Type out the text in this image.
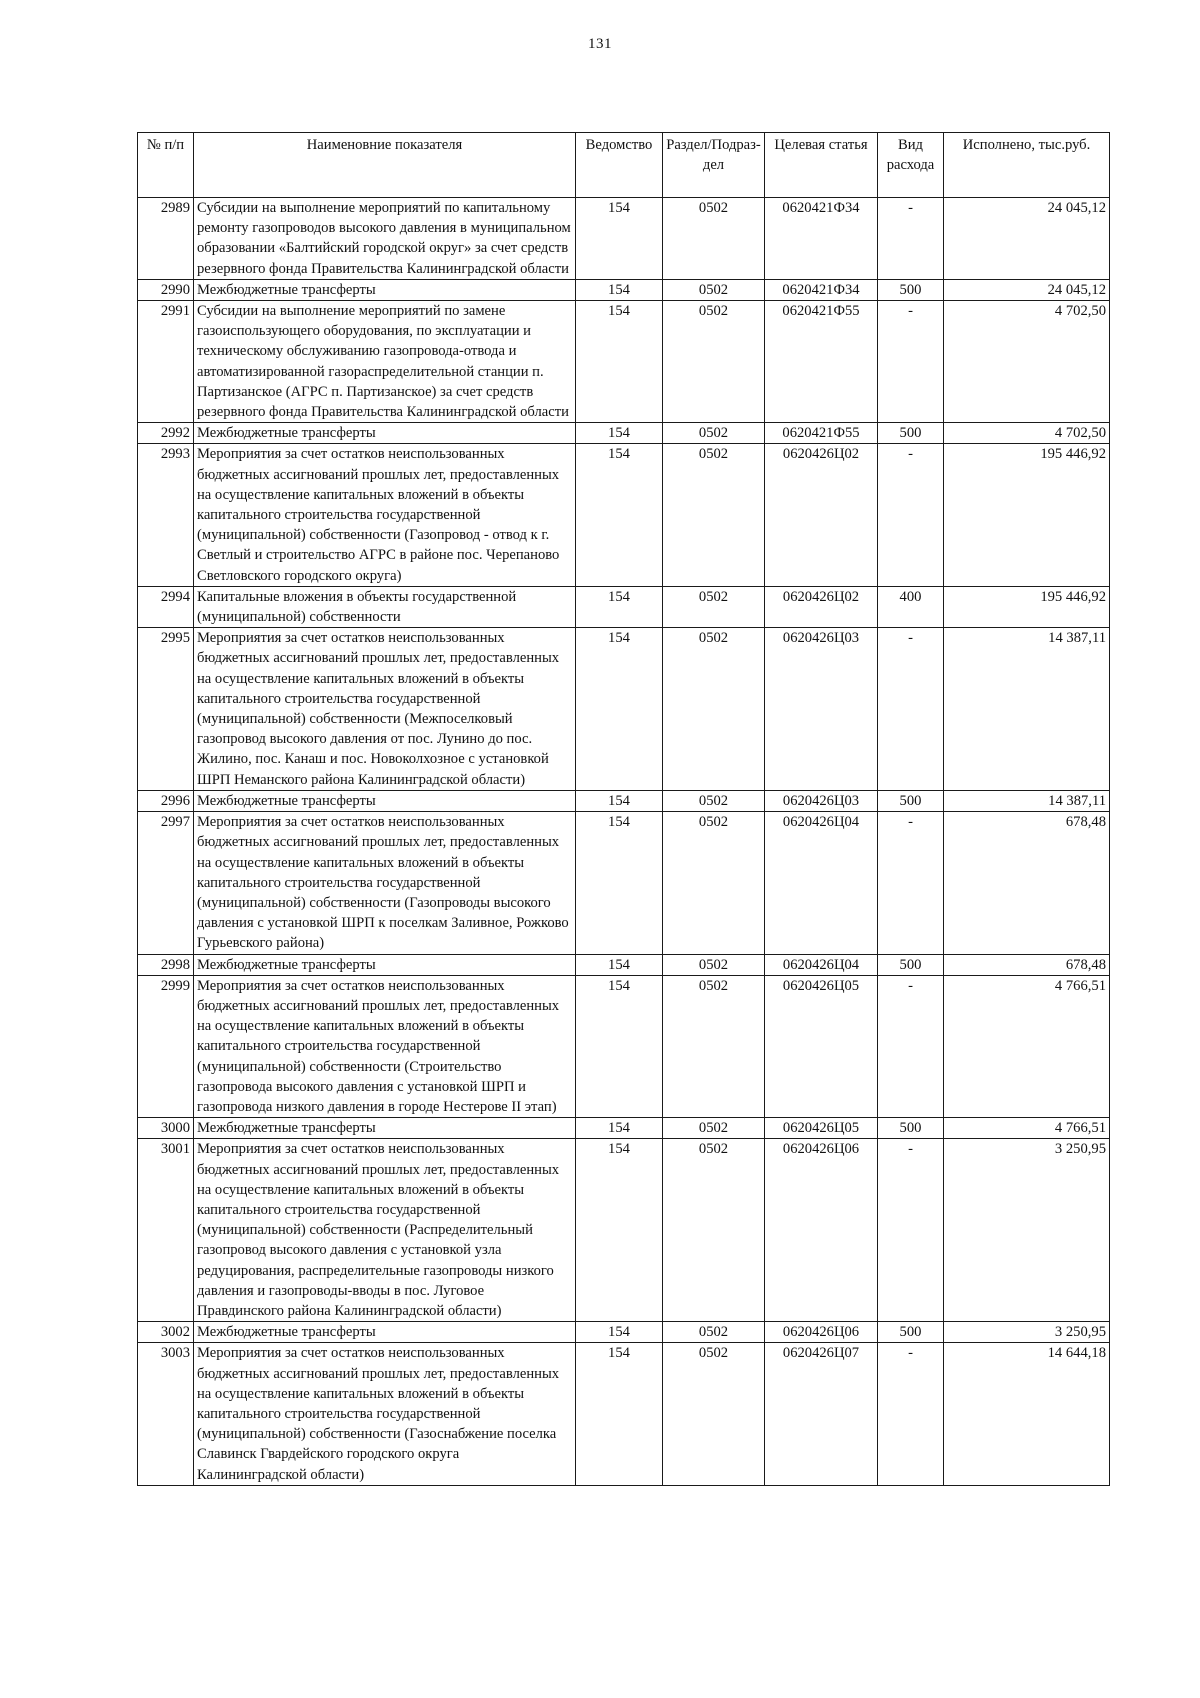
131
№ п/п	Наименовние показателя	Ведомство	Раздел/Подраз-дел	Целевая статья	Вид расхода	Исполнено, тыс.руб.
2989	Субсидии на выполнение мероприятий по капитальному ремонту газопроводов высокого давления в муниципальном образовании «Балтийский городской округ» за счет средств резервного фонда Правительства Калининградской области	154	0502	0620421Ф34	-	24 045,12
2990	Межбюджетные трансферты	154	0502	0620421Ф34	500	24 045,12
2991	Субсидии на выполнение мероприятий по замене газоиспользующего оборудования, по эксплуатации и техническому обслуживанию газопровода-отвода и автоматизированной газораспределительной станции п. Партизанское (АГРС п. Партизанское) за счет средств резервного фонда Правительства Калининградской области	154	0502	0620421Ф55	-	4 702,50
2992	Межбюджетные трансферты	154	0502	0620421Ф55	500	4 702,50
2993	Мероприятия за счет остатков неиспользованных бюджетных ассигнований прошлых лет, предоставленных на осуществление капитальных вложений в объекты капитального строительства государственной (муниципальной) собственности (Газопровод - отвод к г. Светлый и строительство АГРС в районе пос. Черепаново Светловского городского округа)	154	0502	0620426Ц02	-	195 446,92
2994	Капитальные вложения в объекты государственной (муниципальной) собственности	154	0502	0620426Ц02	400	195 446,92
2995	Мероприятия за счет остатков неиспользованных бюджетных ассигнований прошлых лет, предоставленных на осуществление капитальных вложений в объекты капитального строительства государственной (муниципальной) собственности (Межпоселковый газопровод высокого давления от пос. Лунино до пос. Жилино, пос. Канаш и пос. Новоколхозное с установкой ШРП Неманского района Калининградской области)	154	0502	0620426Ц03	-	14 387,11
2996	Межбюджетные трансферты	154	0502	0620426Ц03	500	14 387,11
2997	Мероприятия за счет остатков неиспользованных бюджетных ассигнований прошлых лет, предоставленных на осуществление капитальных вложений в объекты капитального строительства государственной (муниципальной) собственности (Газопроводы высокого давления с установкой ШРП к поселкам Заливное, Рожково Гурьевского района)	154	0502	0620426Ц04	-	678,48
2998	Межбюджетные трансферты	154	0502	0620426Ц04	500	678,48
2999	Мероприятия за счет остатков неиспользованных бюджетных ассигнований прошлых лет, предоставленных на осуществление капитальных вложений в объекты капитального строительства государственной (муниципальной) собственности (Строительство газопровода высокого давления с установкой ШРП и газопровода низкого давления в городе Нестерове II этап)	154	0502	0620426Ц05	-	4 766,51
3000	Межбюджетные трансферты	154	0502	0620426Ц05	500	4 766,51
3001	Мероприятия за счет остатков неиспользованных бюджетных ассигнований прошлых лет, предоставленных на осуществление капитальных вложений в объекты капитального строительства государственной (муниципальной) собственности (Распределительный газопровод высокого давления с установкой узла редуцирования, распределительные газопроводы низкого давления и газопроводы-вводы в пос. Луговое Правдинского района Калининградской области)	154	0502	0620426Ц06	-	3 250,95
3002	Межбюджетные трансферты	154	0502	0620426Ц06	500	3 250,95
3003	Мероприятия за счет остатков неиспользованных бюджетных ассигнований прошлых лет, предоставленных на осуществление капитальных вложений в объекты капитального строительства государственной (муниципальной) собственности (Газоснабжение поселка Славинск Гвардейского городского округа Калининградской области)	154	0502	0620426Ц07	-	14 644,18
